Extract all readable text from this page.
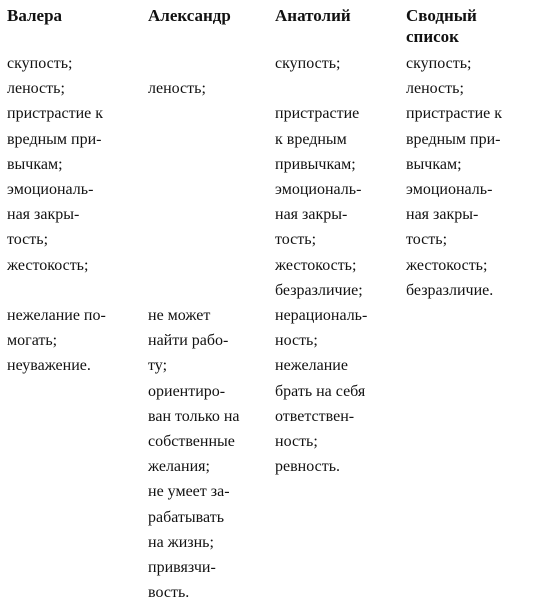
Валера
скупость;
леность;
пристрастие к
вредным при-
вычкам;
эмоциональ-
ная закры-
тость;
жестокость;
нежелание по-
могать;
неуважение.
Александр
леность;
не может
найти рабо-
ту;
ориентиро-
ван только на
собственные
желания;
не умеет за-
рабатывать
на жизнь;
привязчи-
вость.
Анатолий
скупость;
пристрастие
к вредным
привычкам;
эмоциональ-
ная закры-
тость;
жестокость;
безразличие;
нерациональ-
ность;
нежелание
брать на себя
ответствен-
ность;
ревность.
Сводный
список
скупость;
леность;
пристрастие к
вредным при-
вычкам;
эмоциональ-
ная закры-
тость;
жестокость;
безразличие.
